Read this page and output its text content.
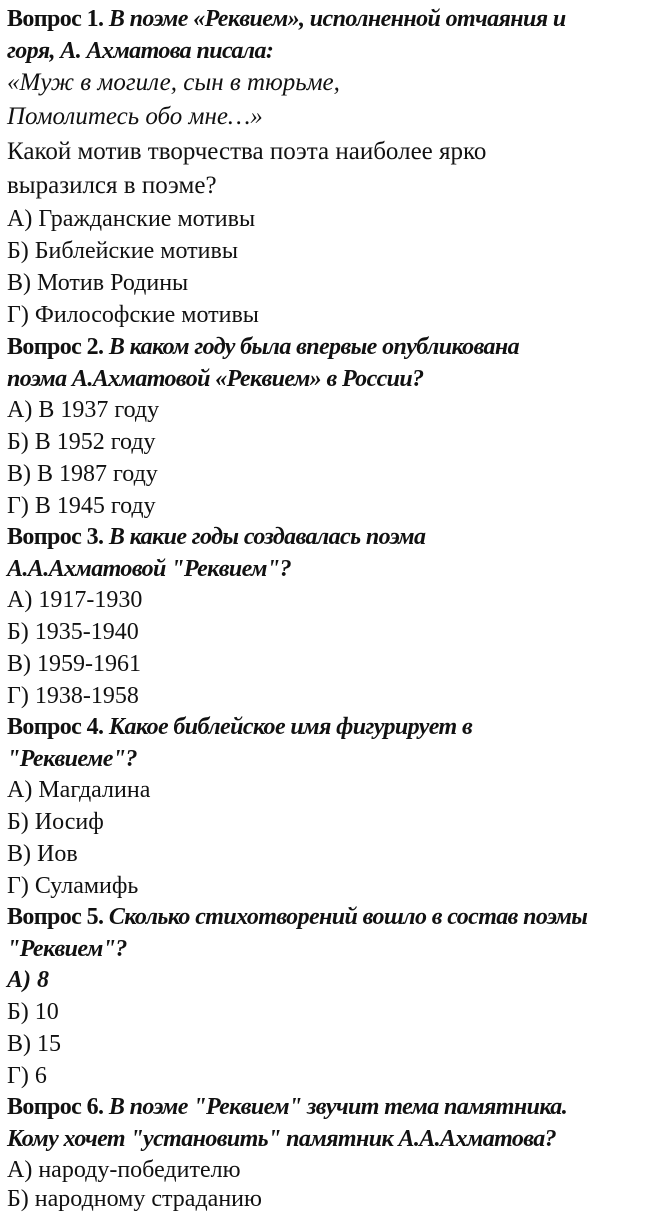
Вопрос 1. В поэме «Реквием», исполненной отчаяния и
горя, А. Ахматова писала:
«Муж в могиле, сын в тюрьме,
Помолитесь обо мне…»
Какой мотив творчества поэта наиболее ярко
выразился в поэме?
А) Гражданские мотивы
Б) Библейские мотивы
В) Мотив Родины
Г) Философские мотивы
Вопрос 2. В каком году была впервые опубликована
поэма А.Ахматовой «Реквием» в России?
А) В 1937 году
Б) В 1952 году
В) В 1987 году
Г) В 1945 году
Вопрос 3. В какие годы создавалась поэма
А.А.Ахматовой "Реквием"?
А) 1917-1930
Б) 1935-1940
В) 1959-1961
Г) 1938-1958
Вопрос 4. Какое библейское имя фигурирует в
"Реквиеме"?
А) Магдалина
Б) Иосиф
В) Иов
Г) Суламифь
Вопрос 5. Сколько стихотворений вошло в состав поэмы
"Реквием"?
А) 8
Б) 10
В) 15
Г) 6
Вопрос 6. В поэме "Реквием" звучит тема памятника.
Кому хочет "установить" памятник А.А.Ахматова?
А) народу-победителю
Б) народному страданию
